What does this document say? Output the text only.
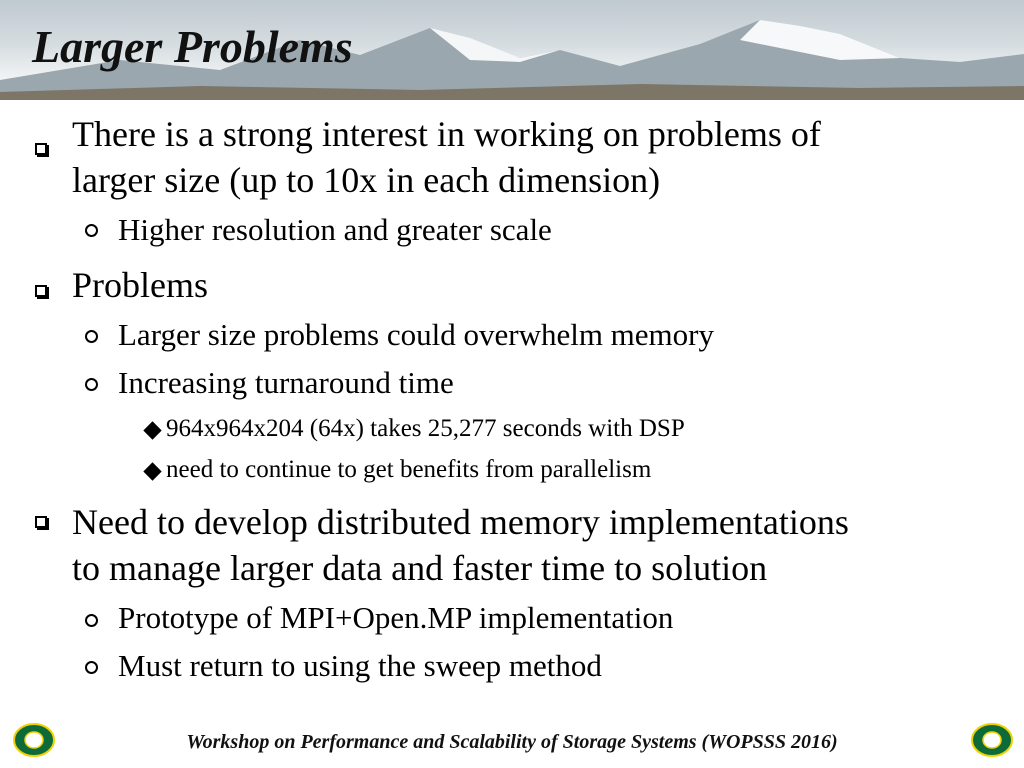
Larger Problems
There is a strong interest in working on problems of
larger size (up to 10x in each dimension)
Higher resolution and greater scale
Problems
Larger size problems could overwhelm memory
Increasing turnaround time
964x964x204 (64x) takes 25,277 seconds with DSP
need to continue to get benefits from parallelism
Need to develop distributed memory implementations
to manage larger data and faster time to solution
Prototype of MPI+Open.MP implementation
Must return to using the sweep method
Workshop on Performance and Scalability of Storage Systems (WOPSSS 2016)
